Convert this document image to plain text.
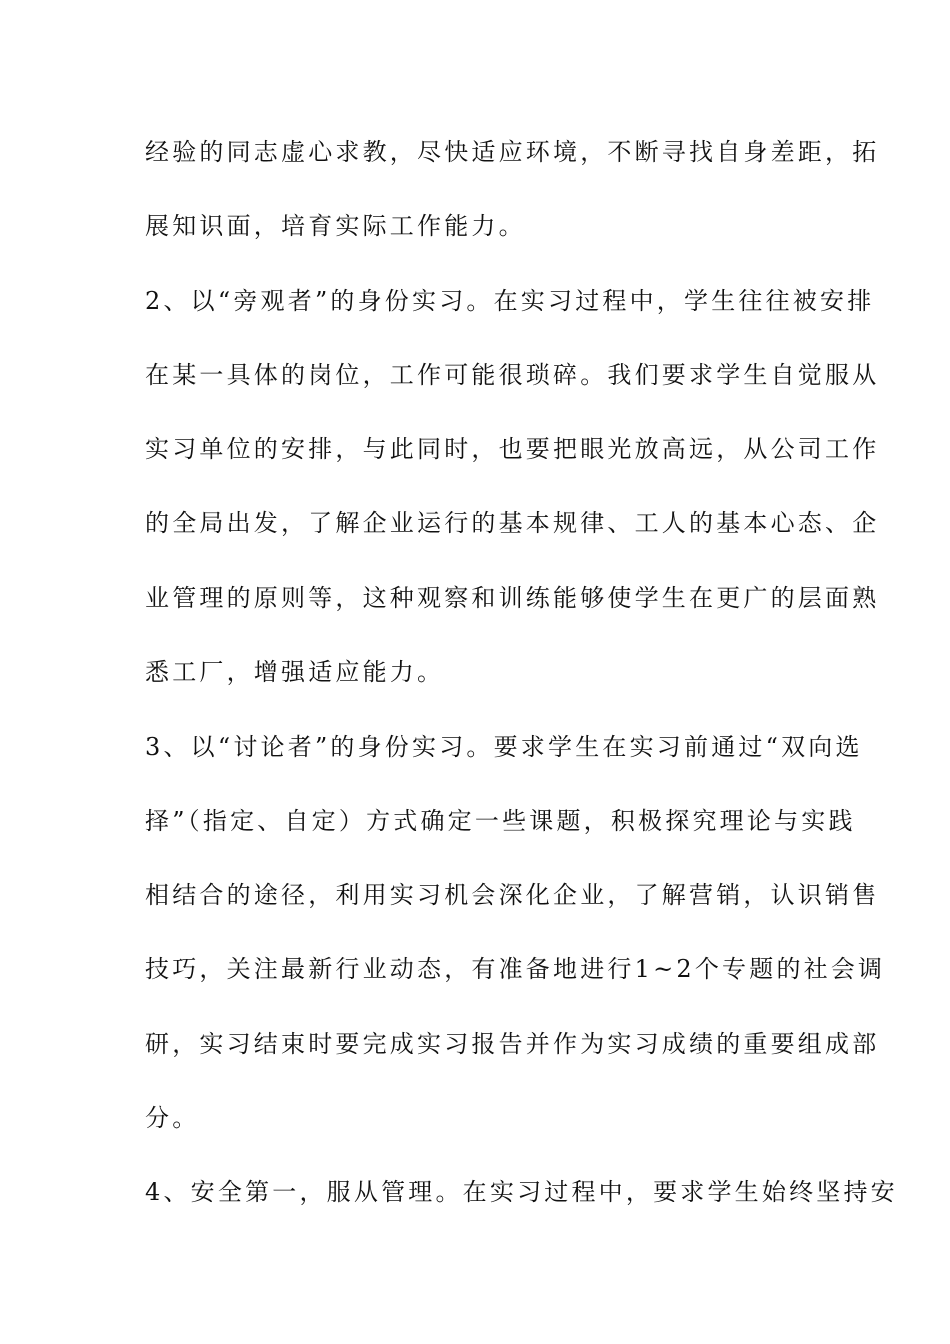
经验的同志虚心求教，尽快适应环境，不断寻找自身差距，拓
展知识面，培育实际工作能力。
2、以“旁观者”的身份实习。在实习过程中，学生往往被安排
在某一具体的岗位，工作可能很琐碎。我们要求学生自觉服从
实习单位的安排，与此同时，也要把眼光放高远，从公司工作
的全局出发，了解企业运行的基本规律、工人的基本心态、企
业管理的原则等，这种观察和训练能够使学生在更广的层面熟
悉工厂，增强适应能力。
3、以“讨论者”的身份实习。要求学生在实习前通过“双向选
择”（指定、自定）方式确定一些课题，积极探究理论与实践
相结合的途径，利用实习机会深化企业，了解营销，认识销售
技巧，关注最新行业动态，有准备地进行1~2个专题的社会调
研，实习结束时要完成实习报告并作为实习成绩的重要组成部
分。
4、安全第一，服从管理。在实习过程中，要求学生始终坚持安
